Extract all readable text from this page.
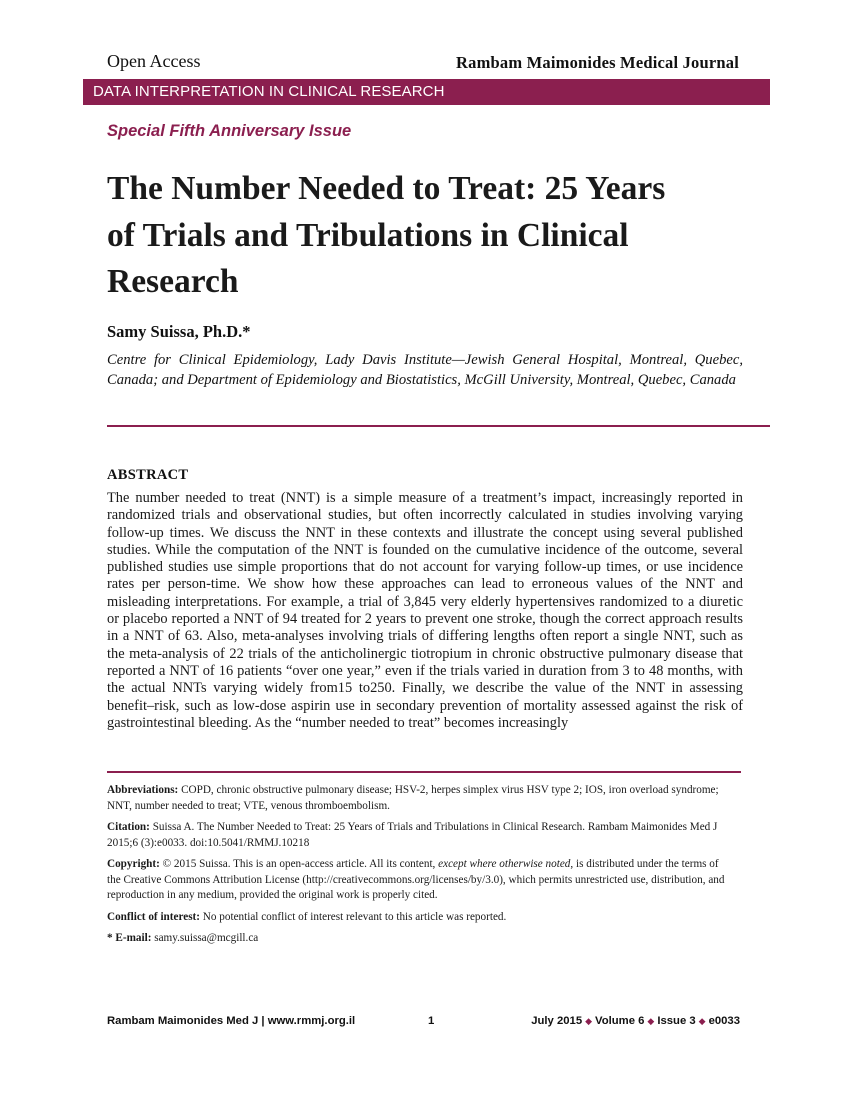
Open Access	Rambam Maimonides Medical Journal
DATA INTERPRETATION IN CLINICAL RESEARCH
Special Fifth Anniversary Issue
The Number Needed to Treat: 25 Years
of Trials and Tribulations in Clinical
Research
Samy Suissa, Ph.D.*
Centre for Clinical Epidemiology, Lady Davis Institute—Jewish General Hospital, Montreal, Quebec, Canada; and Department of Epidemiology and Biostatistics, McGill University, Montreal, Quebec, Canada
ABSTRACT

The number needed to treat (NNT) is a simple measure of a treatment’s impact, increasingly reported in randomized trials and observational studies, but often incorrectly calculated in studies involving varying follow-up times. We discuss the NNT in these contexts and illustrate the concept using several published studies. While the computation of the NNT is founded on the cumulative incidence of the outcome, several published studies use simple proportions that do not account for varying follow-up times, or use incidence rates per person-time. We show how these approaches can lead to erroneous values of the NNT and misleading interpretations. For example, a trial of 3,845 very elderly hypertensives randomized to a diuretic or placebo reported a NNT of 94 treated for 2 years to prevent one stroke, though the correct approach results in a NNT of 63. Also, meta-analyses involving trials of differing lengths often report a single NNT, such as the meta-analysis of 22 trials of the anticholinergic tiotropium in chronic obstructive pulmonary disease that reported a NNT of 16 patients “over one year,” even if the trials varied in duration from 3 to 48 months, with the actual NNTs varying widely from15 to250. Finally, we describe the value of the NNT in assessing benefit–risk, such as low-dose aspirin use in secondary prevention of mortality assessed against the risk of gastrointestinal bleeding. As the “number needed to treat” becomes increasingly

Abbreviations: COPD, chronic obstructive pulmonary disease; HSV-2, herpes simplex virus HSV type 2; IOS, iron overload syndrome; NNT, number needed to treat; VTE, venous thromboembolism.

Citation: Suissa A. The Number Needed to Treat: 25 Years of Trials and Tribulations in Clinical Research. Rambam Maimonides Med J 2015;6 (3):e0033. doi:10.5041/RMMJ.10218

Copyright: © 2015 Suissa. This is an open-access article. All its content, except where otherwise noted, is distributed under the terms of the Creative Commons Attribution License (http://creativecommons.org/licenses/by/3.0), which permits unrestricted use, distribution, and reproduction in any medium, provided the original work is properly cited.

Conflict of interest: No potential conflict of interest relevant to this article was reported.

* E-mail: samy.suissa@mcgill.ca

Rambam Maimonides Med J | www.rmmj.org.il	1	July 2015 ◆ Volume 6 ◆ Issue 3 ◆ e0033
